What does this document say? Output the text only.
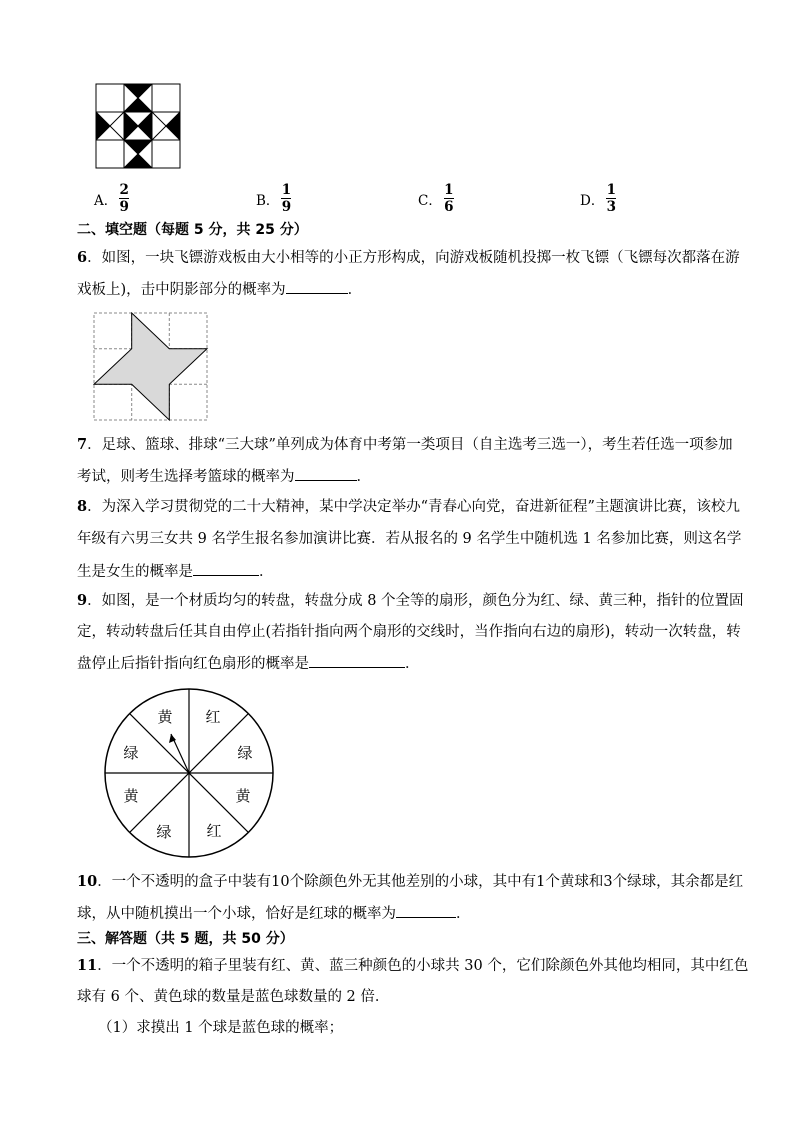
A． $\frac{2}{9}$	B． $\frac{1}{9}$	C． $\frac{1}{6}$	D． $\frac{1}{3}$
二、填空题（每题 5 分，共 25 分）
6．如图，一块飞镖游戏板由大小相等的小正方形构成，向游戏板随机投掷一枚飞镖（飞镖每次都落在游
戏板上)，击中阴影部分的概率为	．
7．足球、篮球、排球“三大球”单列成为体育中考第一类项目（自主选考三选一），考生若任选一项参加
考试，则考生选择考篮球的概率为	．
8．为深入学习贯彻党的二十大精神，某中学决定举办“青春心向党，奋进新征程”主题演讲比赛，该校九
年级有六男三女共 9 名学生报名参加演讲比赛．若从报名的 9 名学生中随机选 1 名参加比赛，则这名学
生是女生的概率是	．
9．如图，是一个材质均匀的转盘，转盘分成 8 个全等的扇形，颜色分为红、绿、黄三种，指针的位置固
定，转动转盘后任其自由停止(若指针指向两个扇形的交线时，当作指向右边的扇形)，转动一次转盘，转
盘停止后指针指向红色扇形的概率是	．
红
绿
黄
红
绿
黄
绿
黄
10．一个不透明的盒子中装有10个除颜色外无其他差别的小球，其中有1个黄球和3个绿球，其余都是红
球，从中随机摸出一个小球，恰好是红球的概率为	．
三、解答题（共 5 题，共 50 分）
11．一个不透明的箱子里装有红、黄、蓝三种颜色的小球共 30 个，它们除颜色外其他均相同，其中红色
球有 6 个、黄色球的数量是蓝色球数量的 2 倍．
（1）求摸出 1 个球是蓝色球的概率；
